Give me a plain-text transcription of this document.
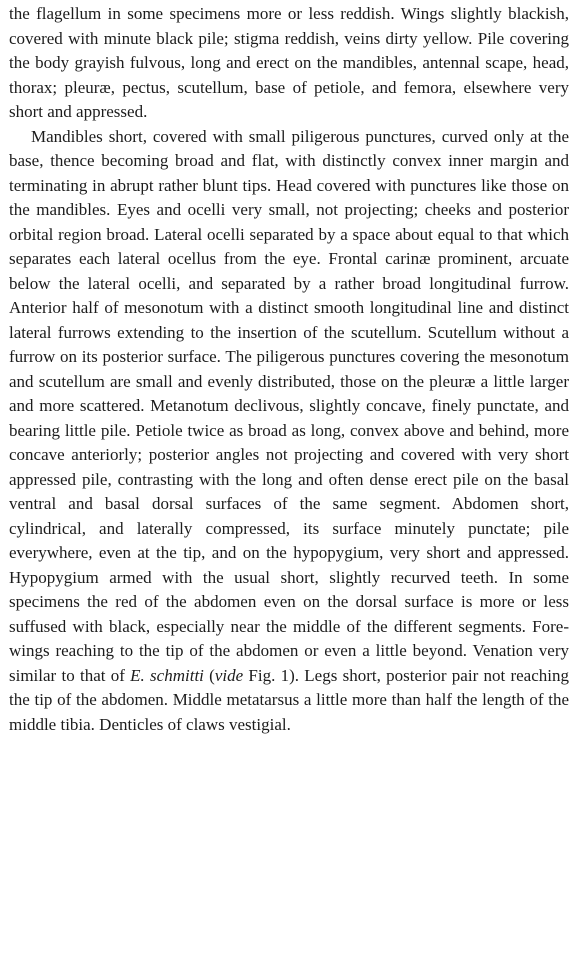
the flagellum in some specimens more or less reddish. Wings slightly blackish, covered with minute black pile; stigma reddish, veins dirty yellow. Pile covering the body grayish fulvous, long and erect on the mandibles, antennal scape, head, thorax; pleuræ, pectus, scutellum, base of petiole, and femora, elsewhere very short and appressed.

Mandibles short, covered with small piligerous punctures, curved only at the base, thence becoming broad and flat, with distinctly convex inner margin and terminating in abrupt rather blunt tips. Head covered with punctures like those on the mandibles. Eyes and ocelli very small, not projecting; cheeks and posterior orbital region broad. Lateral ocelli separated by a space about equal to that which separates each lateral ocellus from the eye. Frontal carinæ prominent, arcuate below the lateral ocelli, and separated by a rather broad longitudinal furrow. Anterior half of mesonotum with a distinct smooth longitudinal line and distinct lateral furrows extending to the insertion of the scutellum. Scutellum without a furrow on its posterior surface. The piligerous punctures covering the mesonotum and scutellum are small and evenly distributed, those on the pleuræ a little larger and more scattered. Metanotum declivous, slightly concave, finely punctate, and bearing little pile. Petiole twice as broad as long, convex above and behind, more concave anteriorly; posterior angles not projecting and covered with very short appressed pile, contrasting with the long and often dense erect pile on the basal ventral and basal dorsal surfaces of the same segment. Abdomen short, cylindrical, and laterally compressed, its surface minutely punctate; pile everywhere, even at the tip, and on the hypopygium, very short and appressed. Hypopygium armed with the usual short, slightly recurved teeth. In some specimens the red of the abdomen even on the dorsal surface is more or less suffused with black, especially near the middle of the different segments. Fore-wings reaching to the tip of the abdomen or even a little beyond. Venation very similar to that of E. schmitti (vide Fig. 1). Legs short, posterior pair not reaching the tip of the abdomen. Middle metatarsus a little more than half the length of the middle tibia. Denticles of claws vestigial.
